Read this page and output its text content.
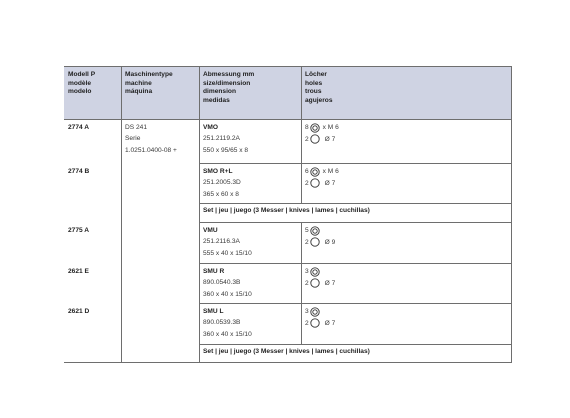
Modell P
modèle
modelo
Maschinentype
machine
máquina
Abmessung mm
size/dimension
dimension
medidas
Löcher
holes
trous
agujeros
2774 A
2774 B
2775 A
2621 E
2621 D
DS 241
Serie
1.0251.0400-08 +
VMO
251.2119.2A
550 x 95/65 x 8
SMO R+L
251.2005.3D
365 x 60 x 8
VMU
251.2116.3A
555 x 40 x 15/10
SMU R
890.0540.3B
360 x 40 x 15/10
SMU L
890.0539.3B
360 x 40 x 15/10
8 x M 6
2 Ø 7
6 x M 6
2 Ø 7
5
2 Ø 9
3
2 Ø 7
3
2 Ø 7
Set | jeu | juego (3 Messer | knives | lames | cuchillas)
Set | jeu | juego (3 Messer | knives | lames | cuchillas)
